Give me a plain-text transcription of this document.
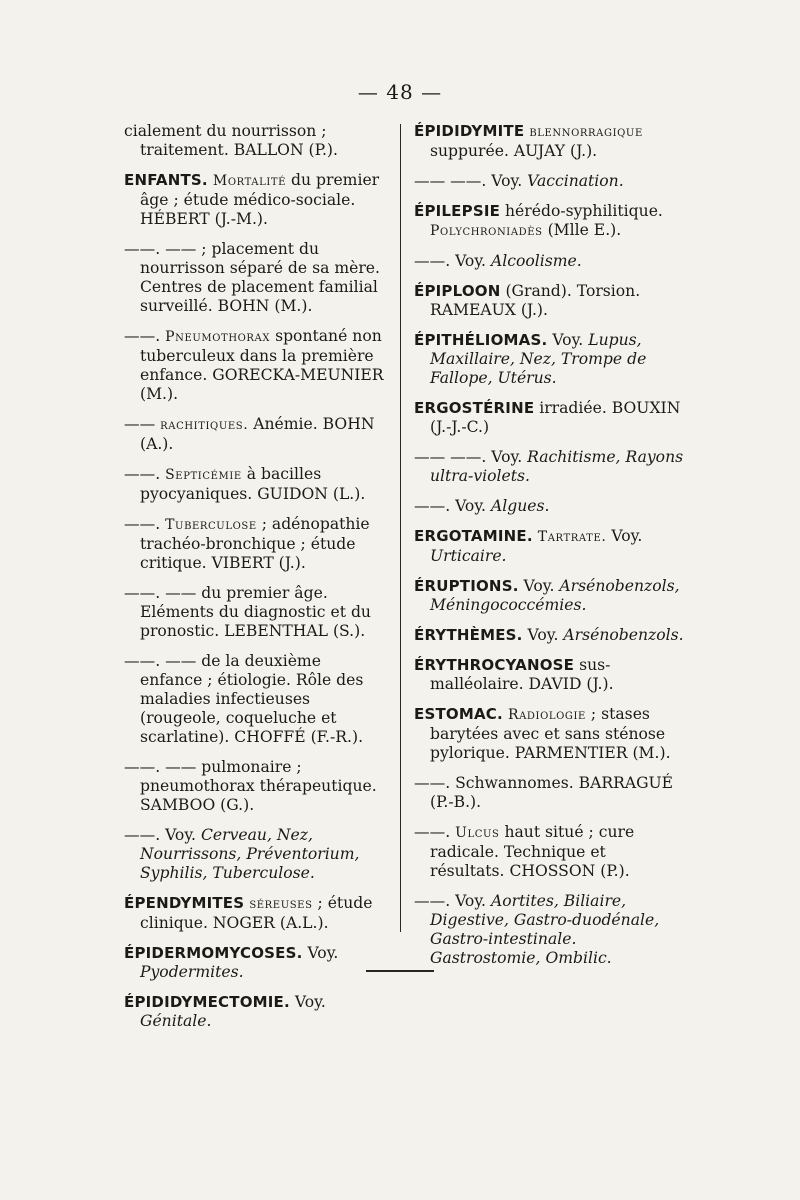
— 48 —
cialement du nourrisson ; traitement. BALLON (P.).
ENFANTS. Mortalité du premier âge ; étude médico-sociale. HÉBERT (J.-M.).
——. —— ; placement du nourrisson séparé de sa mère. Centres de placement familial surveillé. BOHN (M.).
——. Pneumothorax spontané non tuberculeux dans la première enfance. GORECKA-MEUNIER (M.).
—— rachitiques. Anémie. BOHN (A.).
——. Septicémie à bacilles pyocyaniques. GUIDON (L.).
——. Tuberculose ; adénopathie trachéo-bronchique ; étude critique. VIBERT (J.).
——. —— du premier âge. Eléments du diagnostic et du pronostic. LEBENTHAL (S.).
——. —— de la deuxième enfance ; étiologie. Rôle des maladies infectieuses (rougeole, coqueluche et scarlatine). CHOFFÉ (F.-R.).
——. —— pulmonaire ; pneumothorax thérapeutique. SAMBOO (G.).
——. Voy. Cerveau, Nez, Nourrissons, Préventorium, Syphilis, Tuberculose.
ÉPENDYMITES séreuses ; étude clinique. NOGER (A.L.).
ÉPIDERMOMYCOSES. Voy. Pyodermites.
ÉPIDIDYMECTOMIE. Voy. Génitale.
ÉPIDIDYMITE blennorragique suppurée. AUJAY (J.).
—— ——. Voy. Vaccination.
ÉPILEPSIE hérédo-syphilitique. Polychroniadès (Mlle E.).
——. Voy. Alcoolisme.
ÉPIPLOON (Grand). Torsion. RAMEAUX (J.).
ÉPITHÉLIOMAS. Voy. Lupus, Maxillaire, Nez, Trompe de Fallope, Utérus.
ERGOSTÉRINE irradiée. BOUXIN (J.-J.-C.)
—— ——. Voy. Rachitisme, Rayons ultra-violets.
——. Voy. Algues.
ERGOTAMINE. Tartrate. Voy. Urticaire.
ÉRUPTIONS. Voy. Arsénobenzols, Méningococcémies.
ÉRYTHÈMES. Voy. Arsénobenzols.
ÉRYTHROCYANOSE sus-malléolaire. DAVID (J.).
ESTOMAC. Radiologie ; stases barytées avec et sans sténose pylorique. PARMENTIER (M.).
——. Schwannomes. BARRAGUÉ (P.-B.).
——. Ulcus haut situé ; cure radicale. Technique et résultats. CHOSSON (P.).
——. Voy. Aortites, Biliaire, Digestive, Gastro-duodénale, Gastro-intestinale. Gastrostomie, Ombilic.
